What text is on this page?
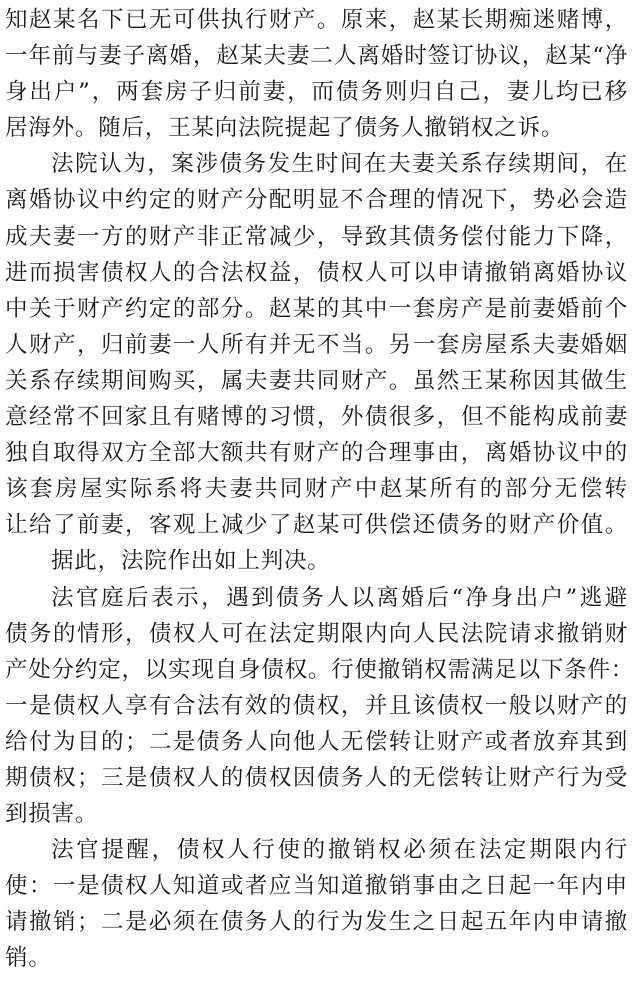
知赵某名下已无可供执行财产。原来，赵某长期痴迷赌博，
一年前与妻子离婚，赵某夫妻二人离婚时签订协议，赵某“净
身出户”，两套房子归前妻，而债务则归自己，妻儿均已移
居海外。随后，王某向法院提起了债务人撤销权之诉。

法院认为，案涉债务发生时间在夫妻关系存续期间，在
离婚协议中约定的财产分配明显不合理的情况下，势必会造
成夫妻一方的财产非正常减少，导致其债务偿付能力下降，
进而损害债权人的合法权益，债权人可以申请撤销离婚协议
中关于财产约定的部分。赵某的其中一套房产是前妻婚前个
人财产，归前妻一人所有并无不当。另一套房屋系夫妻婚姻
关系存续期间购买，属夫妻共同财产。虽然王某称因其做生
意经常不回家且有赌博的习惯，外债很多，但不能构成前妻
独自取得双方全部大额共有财产的合理事由，离婚协议中的
该套房屋实际系将夫妻共同财产中赵某所有的部分无偿转
让给了前妻，客观上减少了赵某可供偿还债务的财产价值。

据此，法院作出如上判决。

法官庭后表示，遇到债务人以离婚后“净身出户”逃避
债务的情形，债权人可在法定期限内向人民法院请求撤销财
产处分约定，以实现自身债权。行使撤销权需满足以下条件：
一是债权人享有合法有效的债权，并且该债权一般以财产的
给付为目的；二是债务人向他人无偿转让财产或者放弃其到
期债权；三是债权人的债权因债务人的无偿转让财产行为受
到损害。

法官提醒，债权人行使的撤销权必须在法定期限内行
使：一是债权人知道或者应当知道撤销事由之日起一年内申
请撤销；二是必须在债务人的行为发生之日起五年内申请撤
销。
